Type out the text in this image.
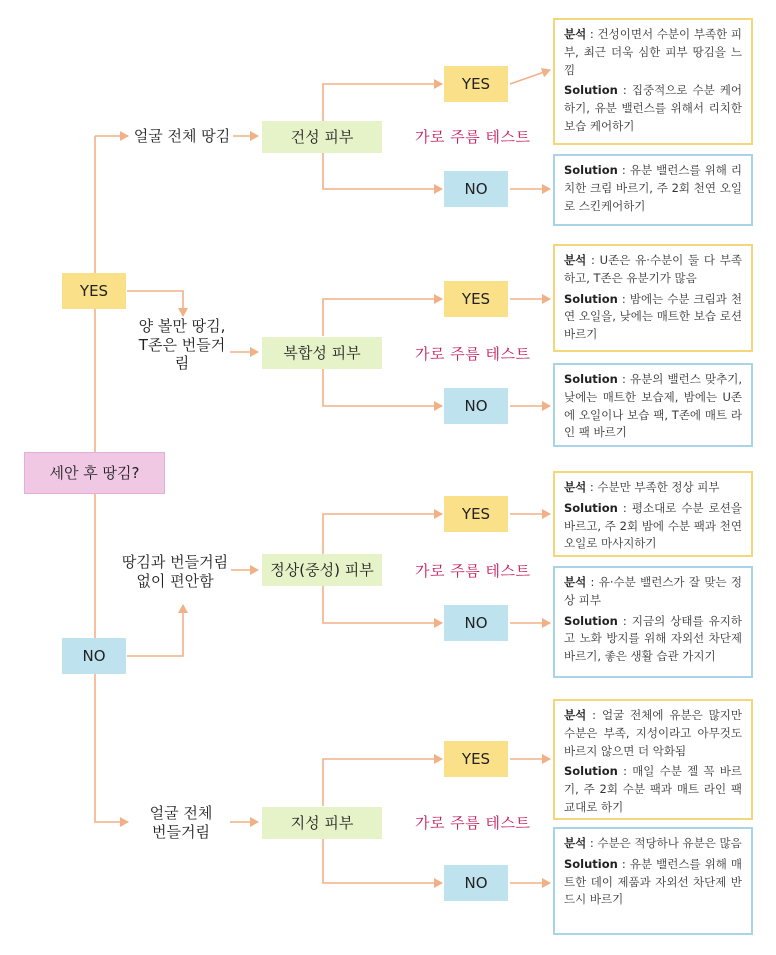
세안 후 땅김?
YES
NO
얼굴 전체 땅김
양 볼만 땅김,
T존은 번들거림
땅김과 번들거림
없이 편안함
얼굴 전체
번들거림
건성 피부
복합성 피부
정상(중성) 피부
지성 피부
가로 주름 테스트
가로 주름 테스트
가로 주름 테스트
가로 주름 테스트
YES
NO
YES
NO
YES
NO
YES
NO

분석 : 건성이면서 수분이 부족한 피부, 최근 더욱 심한 피부 땅김을 느낌

Solution : 집중적으로 수분 케어하기, 유분 밸런스를 위해서 리치한 보습 케어하기

Solution : 유분 밸런스를 위해 리치한 크림 바르기, 주 2회 천연 오일로 스킨케어하기

분석 : U존은 유·수분이 둘 다 부족하고, T존은 유분기가 많음

Solution : 밤에는 수분 크림과 천연 오일을, 낮에는 매트한 보습 로션 바르기

Solution : 유분의 밸런스 맞추기, 낮에는 매트한 보습제, 밤에는 U존에 오일이나 보습 팩, T존에 매트 라인 팩 바르기

분석 : 수분만 부족한 정상 피부

Solution : 평소대로 수분 로션을 바르고, 주 2회 밤에 수분 팩과 천연 오일로 마사지하기

분석 : 유·수분 밸런스가 잘 맞는 정상 피부

Solution : 지금의 상태를 유지하고 노화 방지를 위해 자외선 차단제 바르기, 좋은 생활 습관 가지기

분석 : 얼굴 전체에 유분은 많지만 수분은 부족, 지성이라고 아무것도 바르지 않으면 더 악화됨

Solution : 매일 수분 젤 꼭 바르기, 주 2회 수분 팩과 매트 라인 팩 교대로 하기

분석 : 수분은 적당하나 유분은 많음

Solution : 유분 밸런스를 위해 매트한 데이 제품과 자외선 차단제 반드시 바르기
